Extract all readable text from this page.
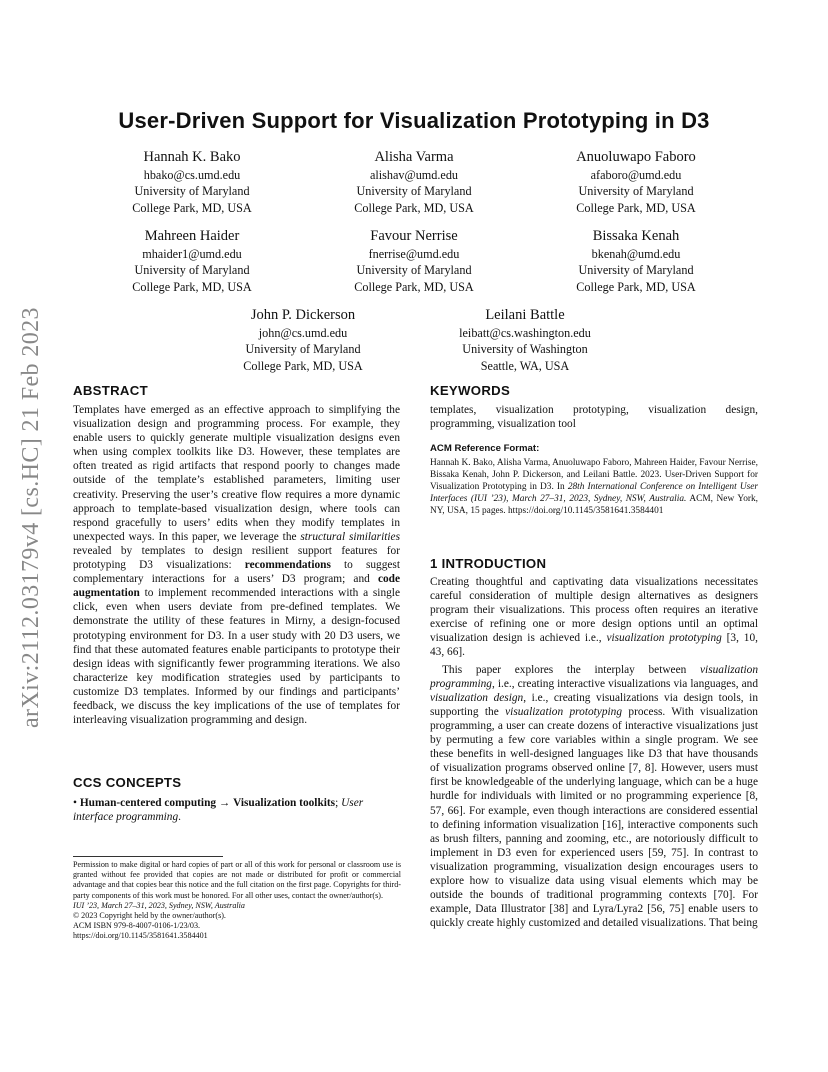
arXiv:2112.03179v4 [cs.HC] 21 Feb 2023
User-Driven Support for Visualization Prototyping in D3
Hannah K. Bako
hbako@cs.umd.edu
University of Maryland
College Park, MD, USA
Alisha Varma
alishav@umd.edu
University of Maryland
College Park, MD, USA
Anuoluwapo Faboro
afaboro@umd.edu
University of Maryland
College Park, MD, USA
Mahreen Haider
mhaider1@umd.edu
University of Maryland
College Park, MD, USA
Favour Nerrise
fnerrise@umd.edu
University of Maryland
College Park, MD, USA
Bissaka Kenah
bkenah@umd.edu
University of Maryland
College Park, MD, USA
John P. Dickerson
john@cs.umd.edu
University of Maryland
College Park, MD, USA
Leilani Battle
leibatt@cs.washington.edu
University of Washington
Seattle, WA, USA
ABSTRACT

Templates have emerged as an effective approach to simplifying the visualization design and programming process. For example, they enable users to quickly generate multiple visualization designs even when using complex toolkits like D3. However, these templates are often treated as rigid artifacts that respond poorly to changes made outside of the template’s established parameters, limiting user creativity. Preserving the user’s creative flow requires a more dynamic approach to template-based visualization design, where tools can respond gracefully to users’ edits when they modify templates in unexpected ways. In this paper, we leverage the structural similarities revealed by templates to design resilient support features for prototyping D3 visualizations: recommendations to suggest complementary interactions for a users’ D3 program; and code augmentation to implement recommended interactions with a single click, even when users deviate from pre-defined templates. We demonstrate the utility of these features in Mirny, a design-focused prototyping environment for D3. In a user study with 20 D3 users, we find that these automated features enable participants to prototype their design ideas with significantly fewer programming iterations. We also characterize key modification strategies used by participants to customize D3 templates. Informed by our findings and participants’ feedback, we discuss the key implications of the use of templates for interleaving visualization programming and design.

CCS CONCEPTS
• Human-centered computing → Visualization toolkits; User interface programming.
Permission to make digital or hard copies of part or all of this work for personal or classroom use is granted without fee provided that copies are not made or distributed for profit or commercial advantage and that copies bear this notice and the full citation on the first page. Copyrights for third-party components of this work must be honored. For all other uses, contact the owner/author(s).
IUI ’23, March 27–31, 2023, Sydney, NSW, Australia
© 2023 Copyright held by the owner/author(s).
ACM ISBN 979-8-4007-0106-1/23/03.
https://doi.org/10.1145/3581641.3584401
KEYWORDS
templates, visualization prototyping, visualization design, programming, visualization tool
ACM Reference Format:
Hannah K. Bako, Alisha Varma, Anuoluwapo Faboro, Mahreen Haider, Favour Nerrise, Bissaka Kenah, John P. Dickerson, and Leilani Battle. 2023. User-Driven Support for Visualization Prototyping in D3. In 28th International Conference on Intelligent User Interfaces (IUI ’23), March 27–31, 2023, Sydney, NSW, Australia. ACM, New York, NY, USA, 15 pages. https://doi.org/10.1145/3581641.3584401
1 INTRODUCTION

Creating thoughtful and captivating data visualizations necessitates careful consideration of multiple design alternatives as designers program their visualizations. This process often requires an iterative exercise of refining one or more design options until an optimal visualization design is achieved i.e., visualization prototyping [3, 10, 43, 66].

This paper explores the interplay between visualization programming, i.e., creating interactive visualizations via languages, and visualization design, i.e., creating visualizations via design tools, in supporting the visualization prototyping process. With visualization programming, a user can create dozens of interactive visualizations just by permuting a few core variables within a single program. We see these benefits in well-designed languages like D3 that have thousands of visualization programs observed online [7, 8]. However, users must first be knowledgeable of the underlying language, which can be a huge hurdle for individuals with limited or no programming experience [8, 57, 66]. For example, even though interactions are considered essential to defining information visualization [16], interactive components such as brush filters, panning and zooming, etc., are notoriously difficult to implement in D3 even for experienced users [59, 75]. In contrast to visualization programming, visualization design encourages users to explore how to visualize data using visual elements which may be outside the bounds of traditional programming contexts [70]. For example, Data Illustrator [38] and Lyra/Lyra2 [56, 75] enable users to quickly create highly customized and detailed visualizations. That being
